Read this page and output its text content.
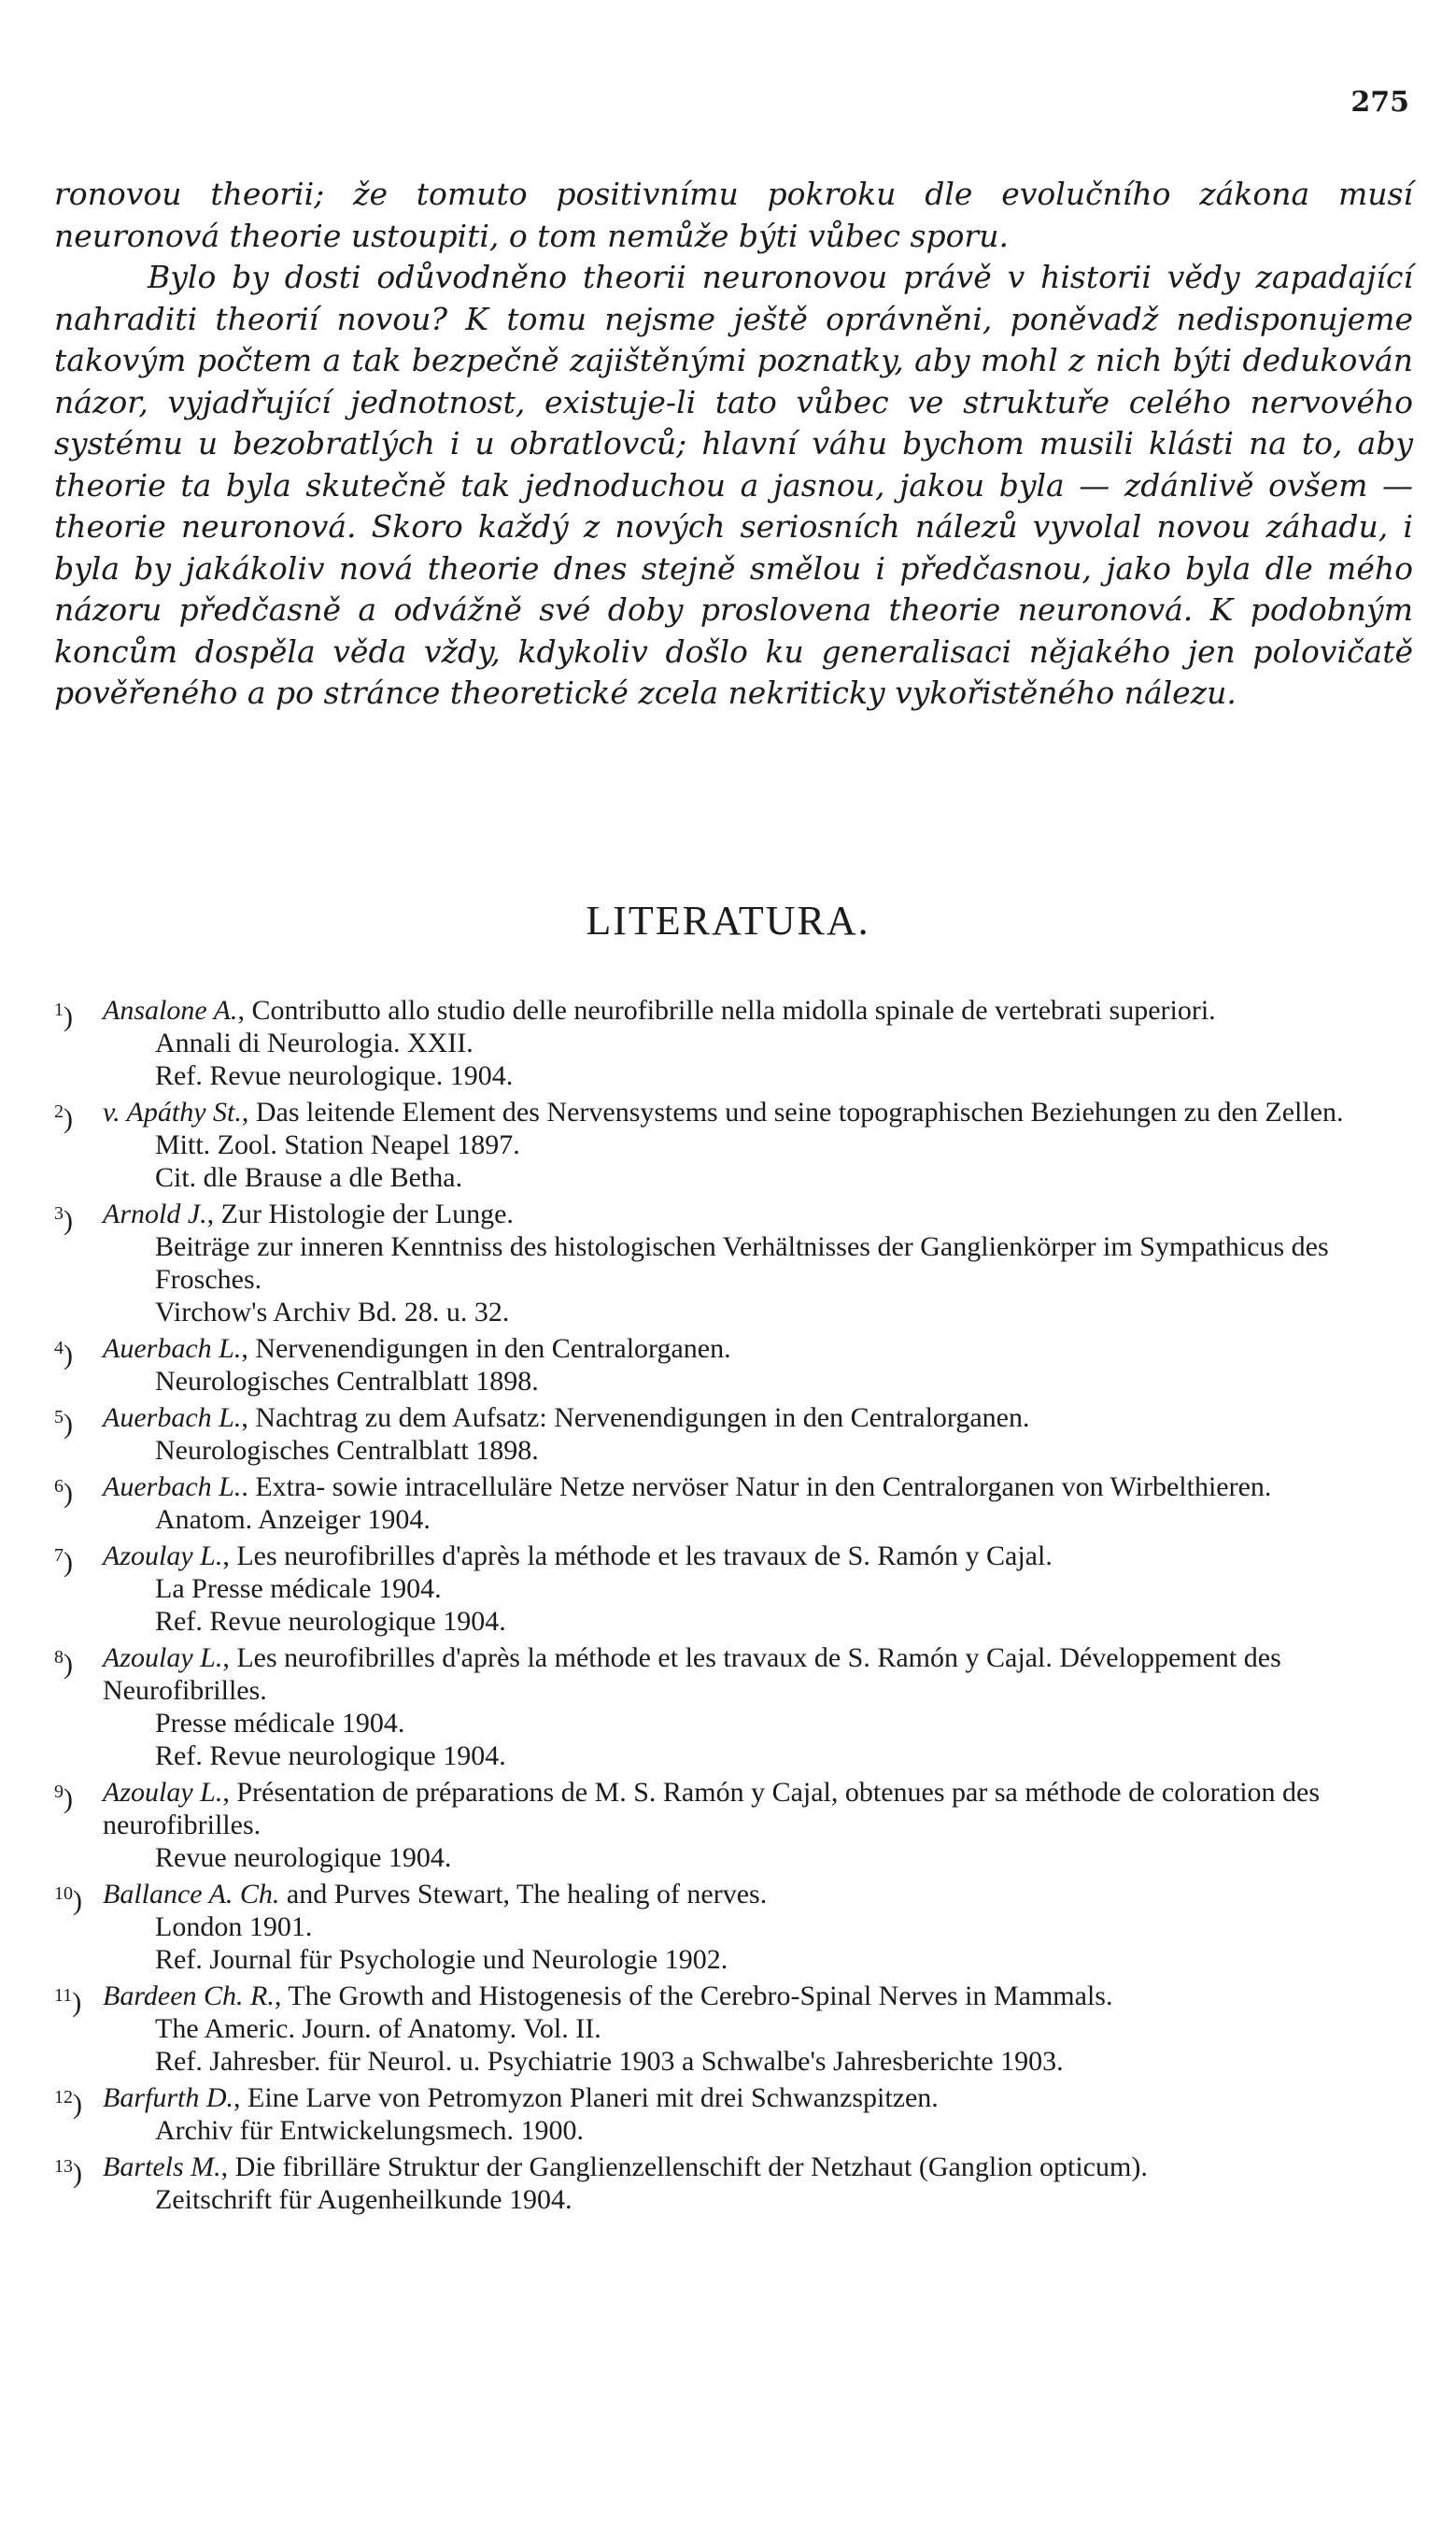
275

ronovou theorii; že tomuto positivnímu pokroku dle evolučního zákona musí neuronová theorie ustoupiti, o tom nemůže býti vůbec sporu.

Bylo by dosti odůvodněno theorii neuronovou právě v historii vědy zapadající nahraditi theorií novou? K tomu nejsme ještě oprávněni, poněvadž nedisponujeme takovým počtem a tak bezpečně zajištěnými poznatky, aby mohl z nich býti dedukován názor, vyjadřující jednotnost, existuje-li tato vůbec ve struktuře celého nervového systému u bezobratlých i u obratlovců; hlavní váhu bychom musili klásti na to, aby theorie ta byla skutečně tak jednoduchou a jasnou, jakou byla — zdánlivě ovšem — theorie neuronová. Skoro každý z nových seriosních nálezů vyvolal novou záhadu, i byla by jakákoliv nová theorie dnes stejně smělou i předčasnou, jako byla dle mého názoru předčasně a odvážně své doby proslovena theorie neuronová. K podobným koncům dospěla věda vždy, kdykoliv došlo ku generalisaci nějakého jen polovičatě pověřeného a po stránce theoretické zcela nekriticky vykořistěného nálezu.

LITERATURA.
$^1$) Ansalone A., Contributto allo studio delle neurofibrille nella midolla spinale de vertebrati superiori.
Annali di Neurologia. XXII.
Ref. Revue neurologique. 1904.
$^2$) v. Apáthy St., Das leitende Element des Nervensystems und seine topographischen Beziehungen zu den Zellen.
Mitt. Zool. Station Neapel 1897.
Cit. dle Brause a dle Betha.
$^3$) Arnold J., Zur Histologie der Lunge.
Beiträge zur inneren Kenntniss des histologischen Verhältnisses der Ganglienkörper im Sympathicus des Frosches.
Virchow's Archiv Bd. 28. u. 32.
$^4$) Auerbach L., Nervenendigungen in den Centralorganen.
Neurologisches Centralblatt 1898.
$^5$) Auerbach L., Nachtrag zu dem Aufsatz: Nervenendigungen in den Centralorganen.
Neurologisches Centralblatt 1898.
$^6$) Auerbach L.. Extra- sowie intracelluläre Netze nervöser Natur in den Centralorganen von Wirbelthieren.
Anatom. Anzeiger 1904.
$^7$) Azoulay L., Les neurofibrilles d'après la méthode et les travaux de S. Ramón y Cajal.
La Presse médicale 1904.
Ref. Revue neurologique 1904.
$^8$) Azoulay L., Les neurofibrilles d'après la méthode et les travaux de S. Ramón y Cajal. Développement des Neurofibrilles.
Presse médicale 1904.
Ref. Revue neurologique 1904.
$^9$) Azoulay L., Présentation de préparations de M. S. Ramón y Cajal, obtenues par sa méthode de coloration des neurofibrilles.
Revue neurologique 1904.
$^{10}$) Ballance A. Ch. and Purves Stewart, The healing of nerves.
London 1901.
Ref. Journal für Psychologie und Neurologie 1902.
$^{11}$) Bardeen Ch. R., The Growth and Histogenesis of the Cerebro-Spinal Nerves in Mammals.
The Americ. Journ. of Anatomy. Vol. II.
Ref. Jahresber. für Neurol. u. Psychiatrie 1903 a Schwalbe's Jahresberichte 1903.
$^{12}$) Barfurth D., Eine Larve von Petromyzon Planeri mit drei Schwanzspitzen.
Archiv für Entwickelungsmech. 1900.
$^{13}$) Bartels M., Die fibrilläre Struktur der Ganglienzellenschift der Netzhaut (Ganglion opticum).
Zeitschrift für Augenheilkunde 1904.
